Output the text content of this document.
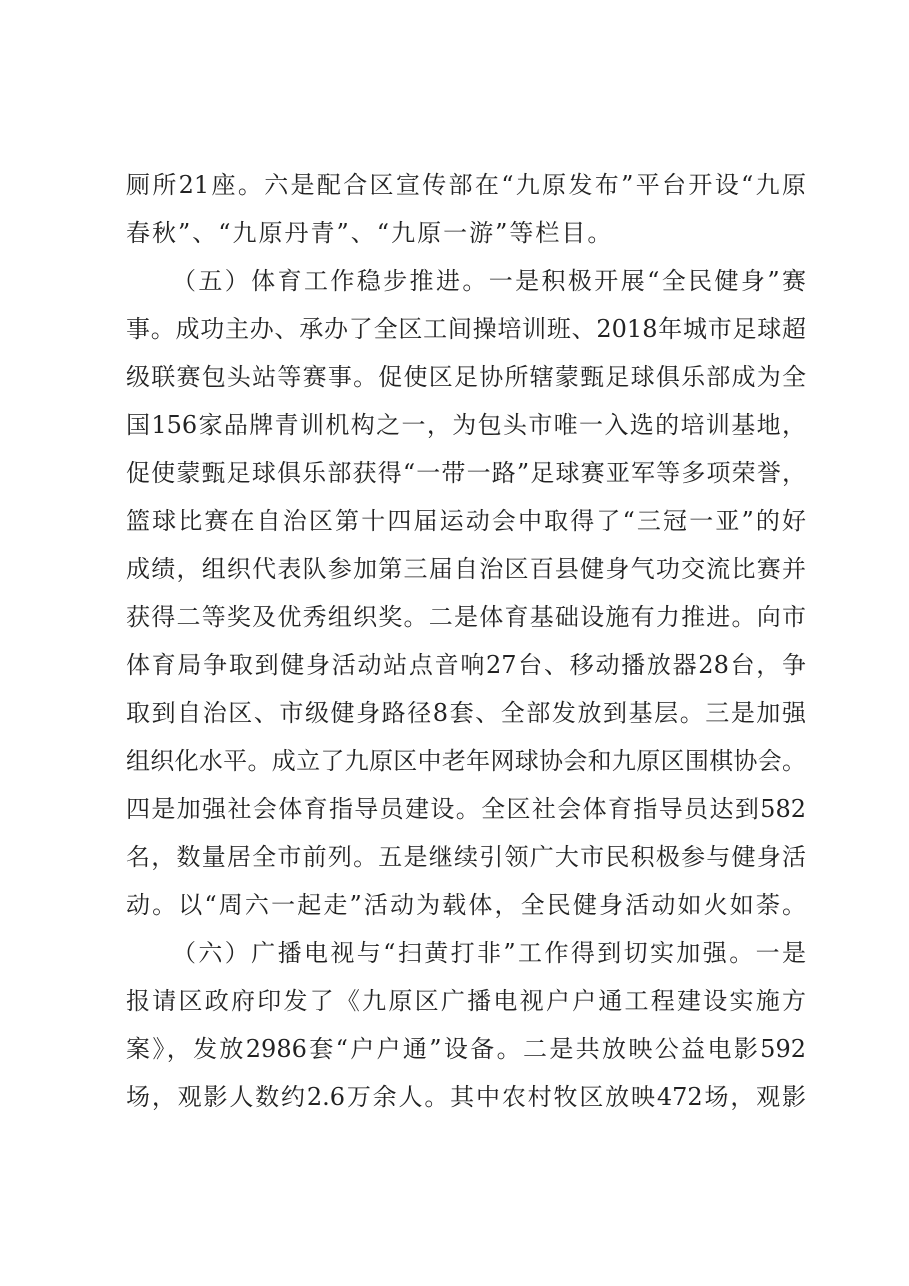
厕所21座。六是配合区宣传部在“九原发布”平台开设“九原
春秋”、“九原丹青”、“九原一游”等栏目。
（五）体育工作稳步推进。一是积极开展“全民健身”赛
事。成功主办、承办了全区工间操培训班、2018年城市足球超
级联赛包头站等赛事。促使区足协所辖蒙甄足球俱乐部成为全
国156家品牌青训机构之一，为包头市唯一入选的培训基地，
促使蒙甄足球俱乐部获得“一带一路”足球赛亚军等多项荣誉，
篮球比赛在自治区第十四届运动会中取得了“三冠一亚”的好
成绩，组织代表队参加第三届自治区百县健身气功交流比赛并
获得二等奖及优秀组织奖。二是体育基础设施有力推进。向市
体育局争取到健身活动站点音响27台、移动播放器28台，争
取到自治区、市级健身路径8套、全部发放到基层。三是加强
组织化水平。成立了九原区中老年网球协会和九原区围棋协会。
四是加强社会体育指导员建设。全区社会体育指导员达到582
名，数量居全市前列。五是继续引领广大市民积极参与健身活
动。以“周六一起走”活动为载体，全民健身活动如火如荼。
（六）广播电视与“扫黄打非”工作得到切实加强。一是
报请区政府印发了《九原区广播电视户户通工程建设实施方
案》，发放2986套“户户通”设备。二是共放映公益电影592
场，观影人数约2.6万余人。其中农村牧区放映472场，观影
